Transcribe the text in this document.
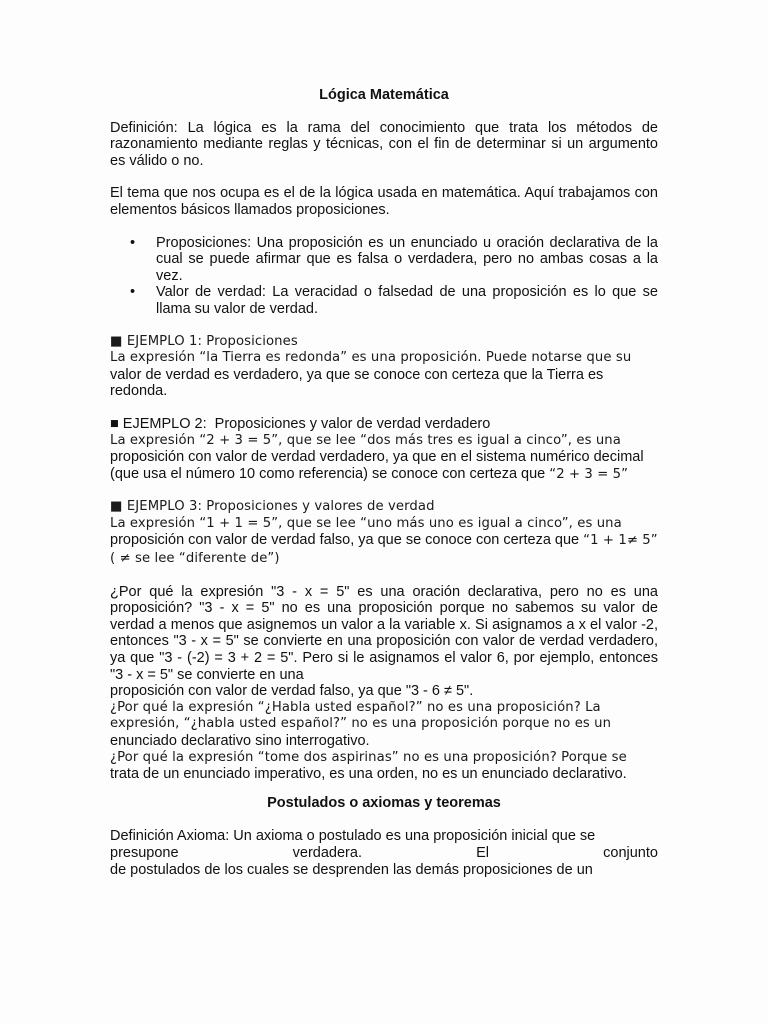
Lógica Matemática

Definición: La lógica es la rama del conocimiento que trata los métodos de razonamiento mediante reglas y técnicas, con el fin de determinar si un argumento es válido o no.

El tema que nos ocupa es el de la lógica usada en matemática. Aquí trabajamos con elementos básicos llamados proposiciones.

• Proposiciones: Una proposición es un enunciado u oración declarativa de la cual se puede afirmar que es falsa o verdadera, pero no ambas cosas a la vez.
• Valor de verdad: La veracidad o falsedad de una proposición es lo que se llama su valor de verdad.

■ EJEMPLO 1: Proposiciones

La expresión “la Tierra es redonda” es una proposición. Puede notarse que su

valor de verdad es verdadero, ya que se conoce con certeza que la Tierra es redonda.

■ EJEMPLO 2: Proposiciones y valor de verdad verdadero

La expresión “2 + 3 = 5”, que se lee “dos más tres es igual a cinco”, es una

proposición con valor de verdad verdadero, ya que en el sistema numérico decimal (que usa el número 10 como referencia) se conoce con certeza que “2 + 3 = 5”

■ EJEMPLO 3: Proposiciones y valores de verdad

La expresión “1 + 1 = 5”, que se lee “uno más uno es igual a cinco”, es una

proposición con valor de verdad falso, ya que se conoce con certeza que “1 + 1≠ 5” ( ≠ se lee “diferente de”)

¿Por qué la expresión "3 - x = 5" es una oración declarativa, pero no es una proposición? "3 - x = 5" no es una proposición porque no sabemos su valor de verdad a menos que asignemos un valor a la variable x. Si asignamos a x el valor -2, entonces "3 - x = 5" se convierte en una proposición con valor de verdad verdadero, ya que "3 - (-2) = 3 + 2 = 5". Pero si le asignamos el valor 6, por ejemplo, entonces "3 - x = 5" se convierte en una

proposición con valor de verdad falso, ya que "3 - 6 ≠ 5".

¿Por qué la expresión “¿Habla usted español?” no es una proposición? La expresión, “¿habla usted español?” no es una proposición porque no es un

enunciado declarativo sino interrogativo.

¿Por qué la expresión “tome dos aspirinas” no es una proposición? Porque se

trata de un enunciado imperativo, es una orden, no es un enunciado declarativo.

Postulados o axiomas y teoremas

Definición Axioma: Un axioma o postulado es una proposición inicial que se

presupone	verdadera.	El	conjunto

de postulados de los cuales se desprenden las demás proposiciones de un
